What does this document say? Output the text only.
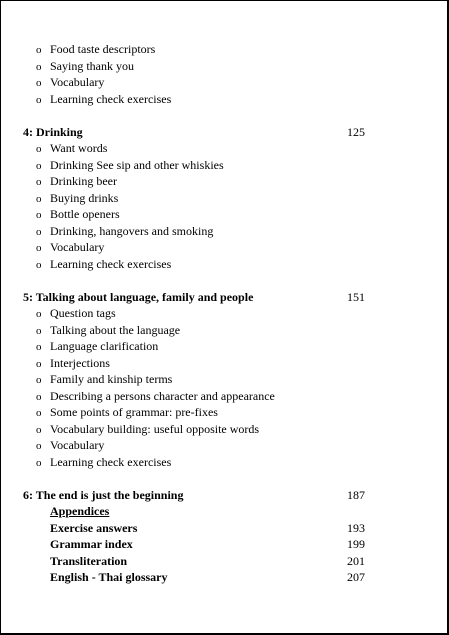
o Food taste descriptors
o Saying thank you
o Vocabulary
o Learning check exercises
4: Drinking	125
o Want words
o Drinking See sip and other whiskies
o Drinking beer
o Buying drinks
o Bottle openers
o Drinking, hangovers and smoking
o Vocabulary
o Learning check exercises
5: Talking about language, family and people	151
o Question tags
o Talking about the language
o Language clarification
o Interjections
o Family and kinship terms
o Describing a persons character and appearance
o Some points of grammar: pre-fixes
o Vocabulary building: useful opposite words
o Vocabulary
o Learning check exercises
6: The end is just the beginning	187
Appendices
Exercise answers	193
Grammar index	199
Transliteration	201
English - Thai glossary	207
